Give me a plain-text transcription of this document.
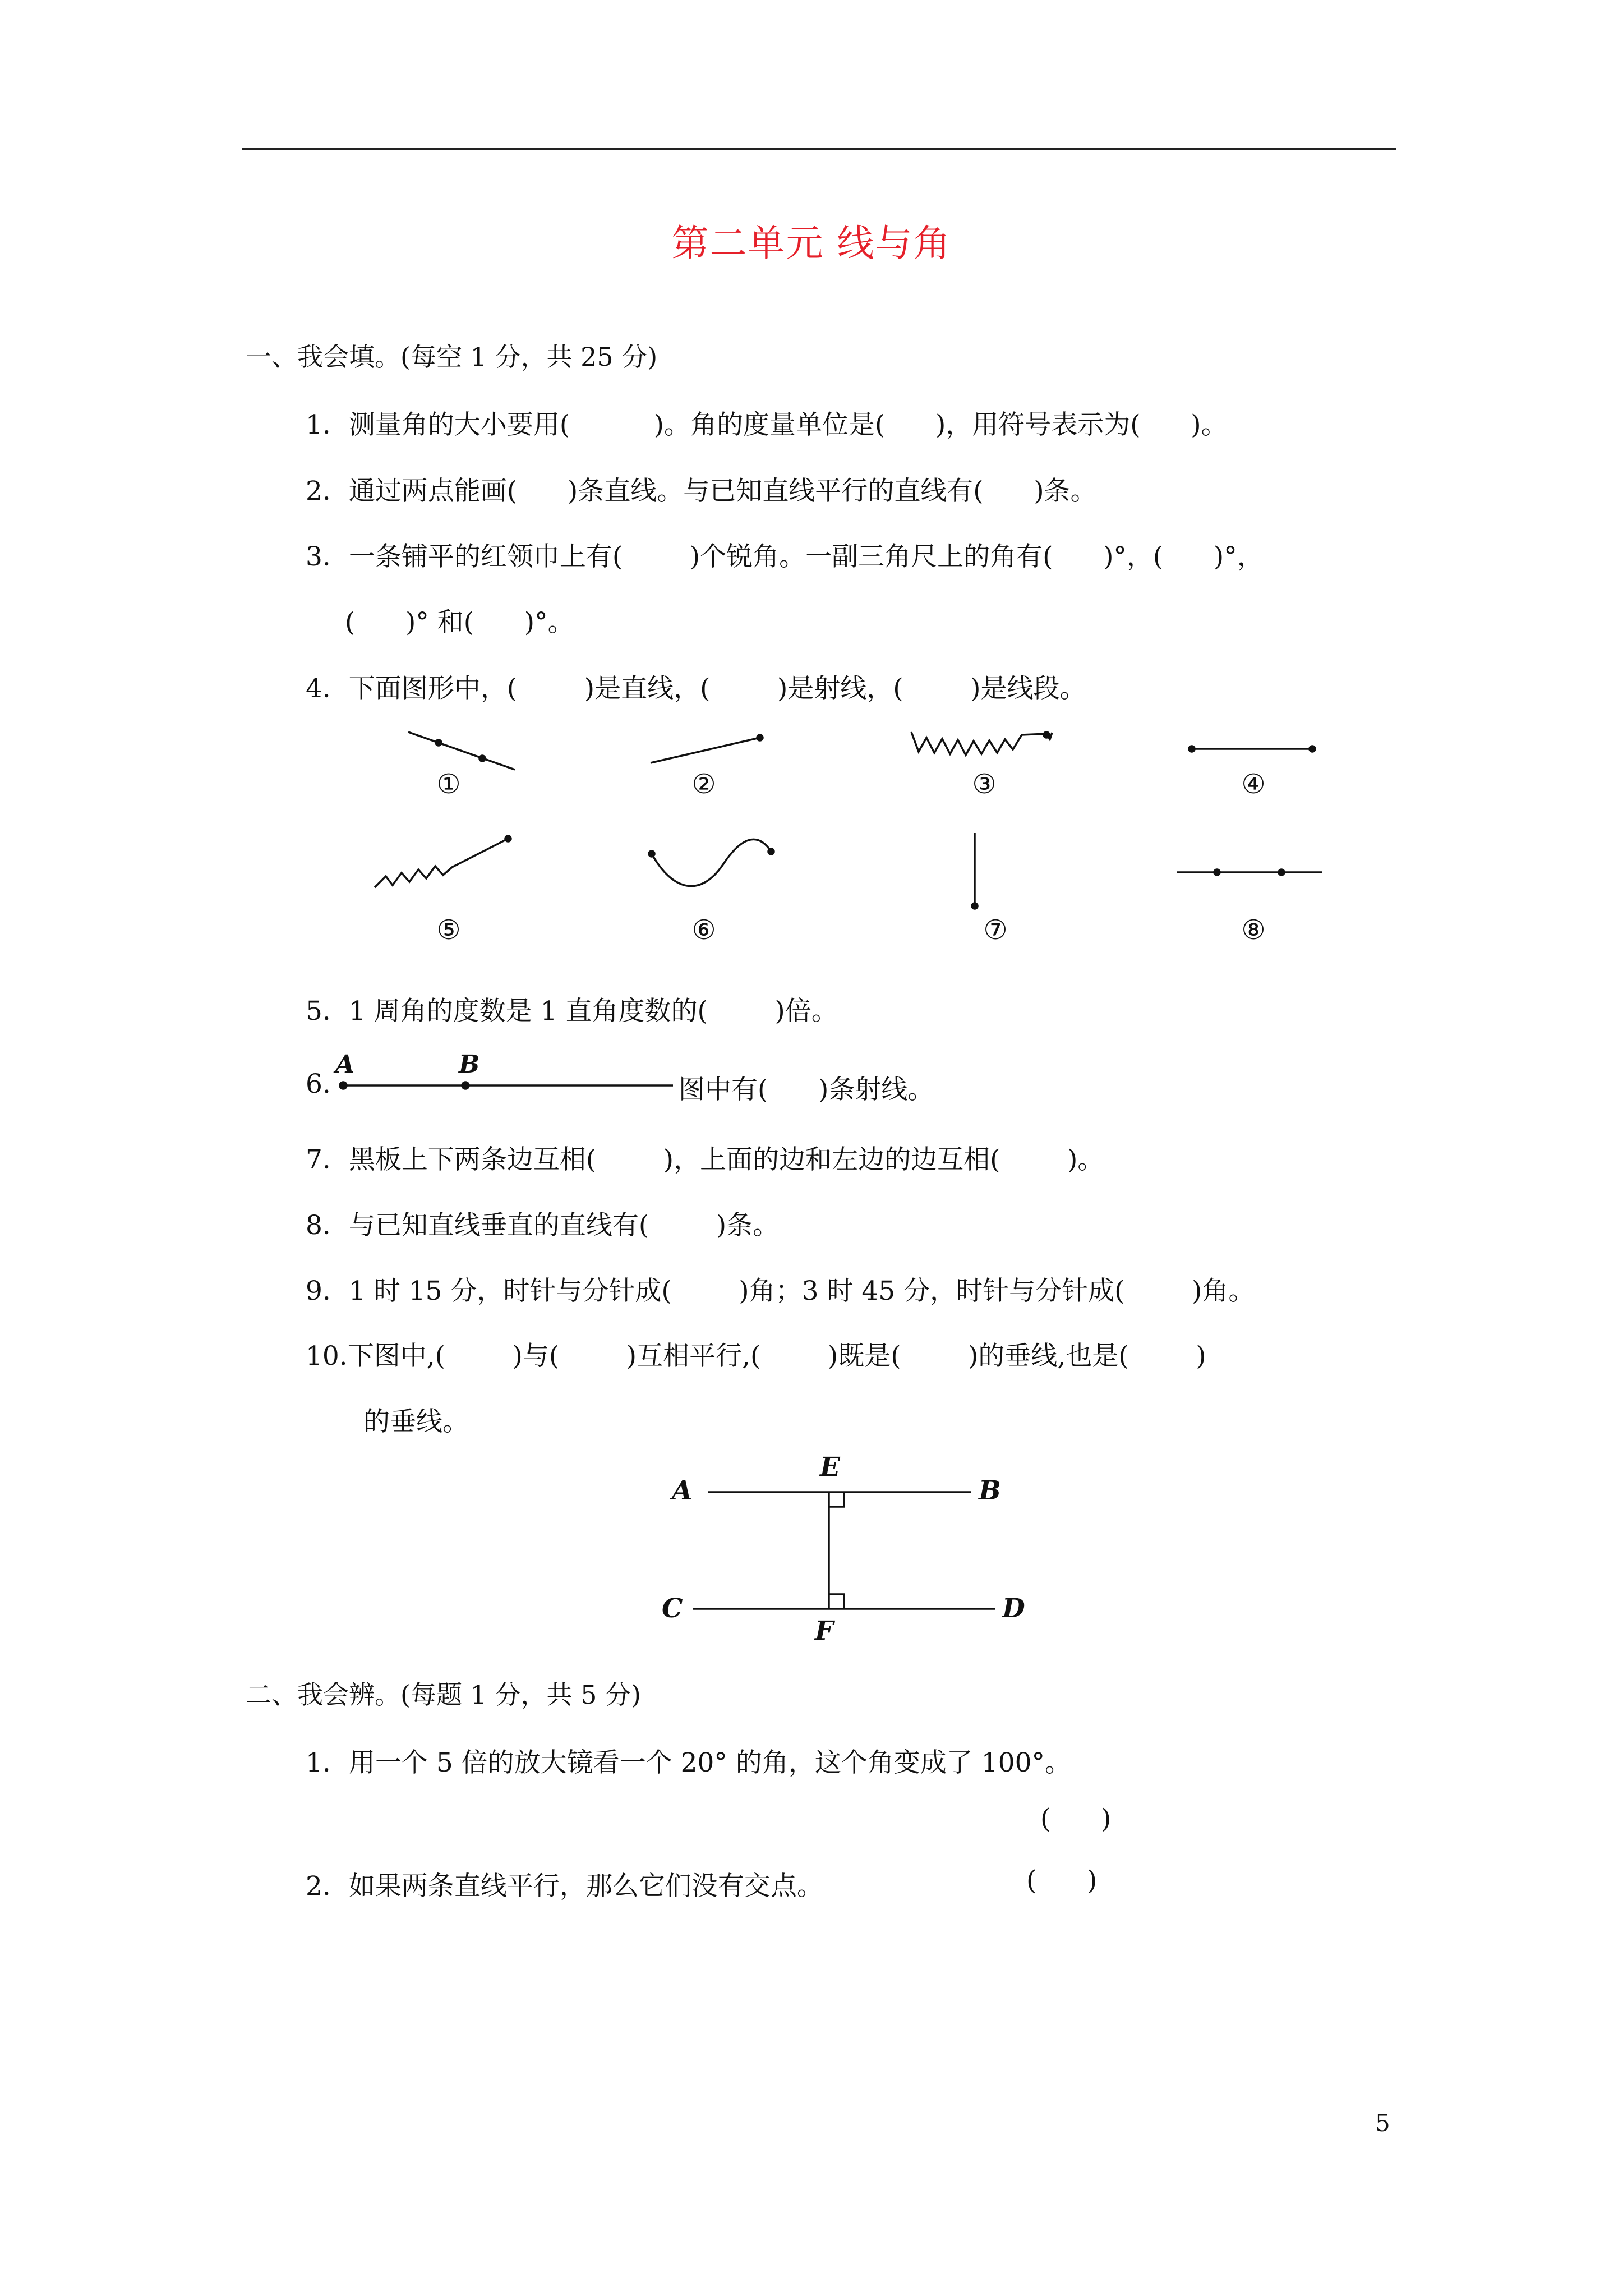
第二单元 线与角
一、我会填。(每空 1 分，共 25 分)
1．测量角的大小要用(          )。角的度量单位是(      )，用符号表示为(      )。
2．通过两点能画(      )条直线。与已知直线平行的直线有(      )条。
3．一条铺平的红领巾上有(        )个锐角。一副三角尺上的角有(      )°，(      )°，
(      )° 和(      )°。
4．下面图形中，(        )是直线，(        )是射线，(        )是线段。
①	②	③	④
⑤	⑥	⑦	⑧
5．1 周角的度数是 1 直角度数的(        )倍。
6.
A	B
图中有(      )条射线。
7．黑板上下两条边互相(        )，上面的边和左边的边互相(        )。
8．与已知直线垂直的直线有(        )条。
9．1 时 15 分，时针与分针成(        )角；3 时 45 分，时针与分针成(        )角。
10.下图中,(        )与(        )互相平行,(        )既是(        )的垂线,也是(        )
的垂线。
A
E
B
C
F
D
二、我会辨。(每题 1 分，共 5 分)
1．用一个 5 倍的放大镜看一个 20° 的角，这个角变成了 100°。
(      )
2．如果两条直线平行，那么它们没有交点。	(      )
5
